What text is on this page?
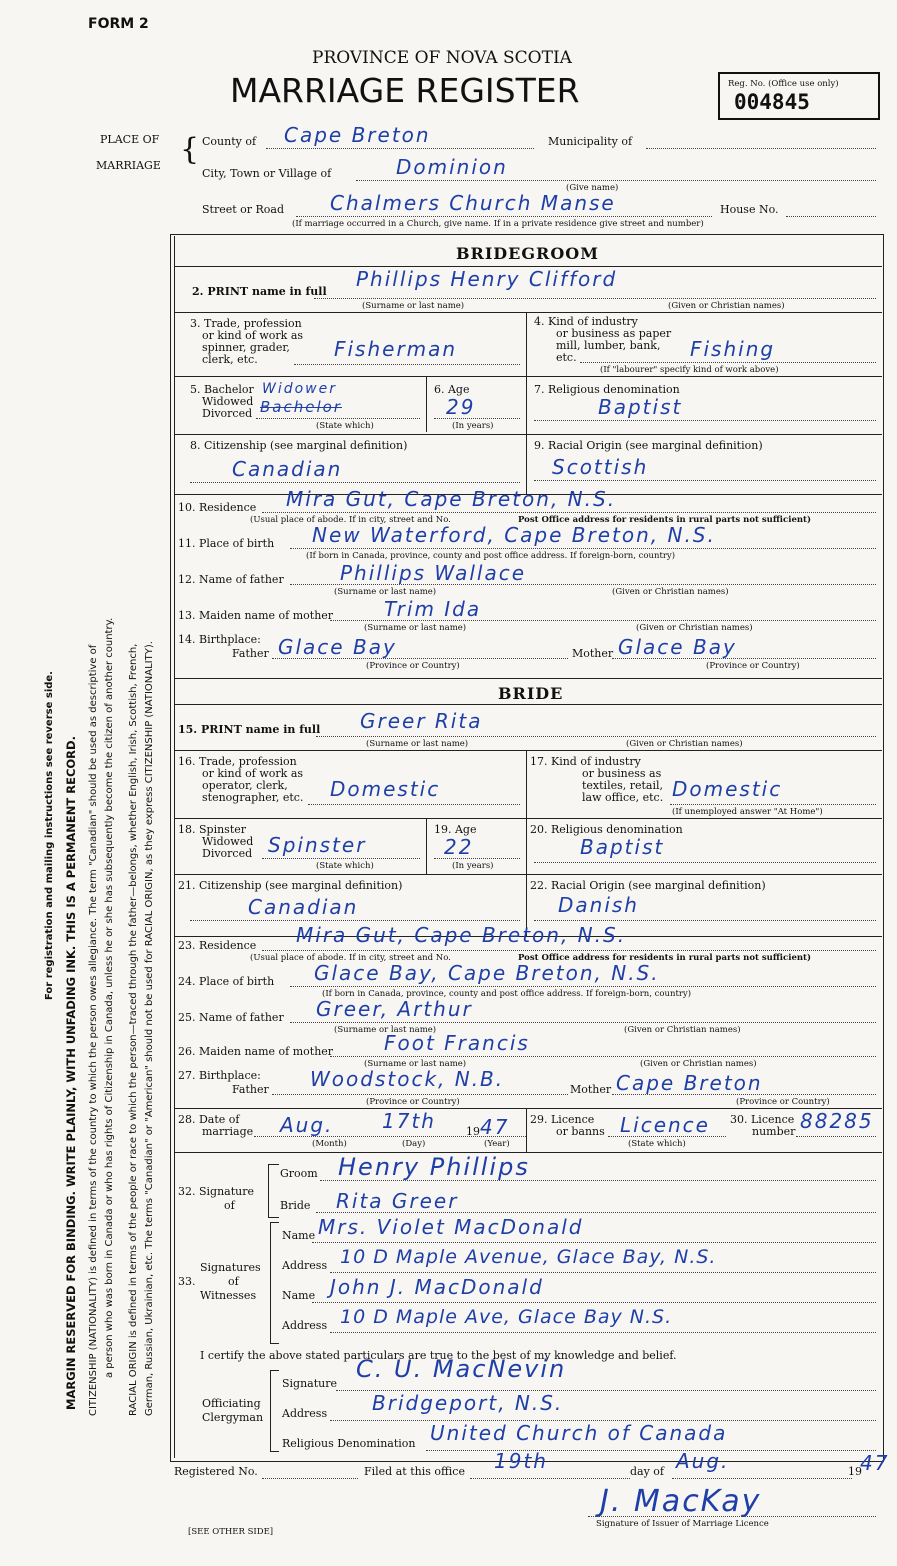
FORM 2
PROVINCE OF NOVA SCOTIA
MARRIAGE REGISTER	Reg. No. (Office use only)
004845
For registration and mailing instructions see reverse side. MARGIN RESERVED FOR BINDING. WRITE PLAINLY, WITH UNFADING INK. THIS IS A PERMANENT RECORD. CITIZENSHIP (NATIONALITY) is defined in terms of the country to which the person owes allegiance. The term "Canadian" should be used as descriptive of a person who was born in Canada or who has rights of Citizenship in Canada, unless he or she has subsequently become the citizen of another country. RACIAL ORIGIN is defined in terms of the people or race to which the person—traced through the father—belongs, whether English, Irish, Scottish, French, German, Russian, Ukrainian, etc. The terms "Canadian" or "American" should not be used for RACIAL ORIGIN, as they express CITIZENSHIP (NATIONALITY).
PLACE OF
MARRIAGE { County of Cape Breton	Municipality of
City, Town or Village of	Dominion
(Give name)
Street or Road Chalmers Church Manse	House No.
(If marriage occurred in a Church, give name. If in a private residence give street and number)
BRIDEGROOM
2. PRINT name in full
Phillips Henry Clifford
(Surname or last name)	(Given or Christian names)
3. Trade, profession
or kind of work as
spinner, grader,
clerk, etc.	Fisherman
4. Kind of industry
or business as paper
mill, lumber, bank,
etc.	Fishing
(If "labourer" specify kind of work above)
5. Bachelor
Widowed
Divorced
Widower
Bachelor
(State which)
6. Age
29
(In years)
7. Religious denomination
Baptist
8. Citizenship (see marginal definition)
Canadian
9. Racial Origin (see marginal definition)
Scottish
10. Residence Mira Gut, Cape Breton, N.S.
(Usual place of abode. If in city, street and No.	Post Office address for residents in rural parts not sufficient)
11. Place of birth New Waterford, Cape Breton, N.S.
(If born in Canada, province, county and post office address. If foreign-born, country)
12. Name of father	Phillips Wallace
(Surname or last name)	(Given or Christian names)
13. Maiden name of mother	Trim Ida
(Surname or last name)	(Given or Christian names)
14. Birthplace:
Father Glace Bay	Mother Glace Bay
(Province or Country)	(Province or Country)
BRIDE
15. PRINT name in full Greer Rita
(Surname or last name)	(Given or Christian names)
16. Trade, profession
or kind of work as
operator, clerk,
stenographer, etc. Domestic
17. Kind of industry
or business as
textiles, retail,
law office, etc. Domestic
(If unemployed answer "At Home")
18. Spinster
Widowed
Divorced Spinster
(State which)
19. Age
22
(In years)
20. Religious denomination
Baptist
21. Citizenship (see marginal definition)
Canadian
22. Racial Origin (see marginal definition)
Danish
23. Residence Mira Gut, Cape Breton, N.S.
(Usual place of abode. If in city, street and No.	Post Office address for residents in rural parts not sufficient)
24. Place of birth Glace Bay, Cape Breton, N.S.
(If born in Canada, province, county and post office address. If foreign-born, country)
25. Name of father Greer, Arthur
(Surname or last name)	(Given or Christian names)
26. Maiden name of mother	Foot Francis
(Surname or last name)	(Given or Christian names)
27. Birthplace:
Father Woodstock, N.B.	Mother Cape Breton
(Province or Country)	(Province or Country)
28. Date of
marriage Aug. 17th	19 47
(Month)	(Day)	(Year)
29. Licence
or banns Licence
(State which)
30. Licence
number 88285
32. Signature
of
Groom Henry Phillips
Bride Rita Greer
Signatures
of
Witnesses
33.
Name Mrs. Violet MacDonald
Address 10 D Maple Avenue, Glace Bay, N.S.
Name John J. MacDonald
Address 10 D Maple Ave, Glace Bay N.S.
I certify the above stated particulars are true to the best of my knowledge and belief.
Officiating
Clergyman
Signature
C. U. MacNevin
Address Bridgeport, N.S.
Religious Denomination United Church of Canada
Registered No.	Filed at this office 19th	day of Aug.	19
47
J. MacKay
Signature of Issuer of Marriage Licence
[SEE OTHER SIDE]
